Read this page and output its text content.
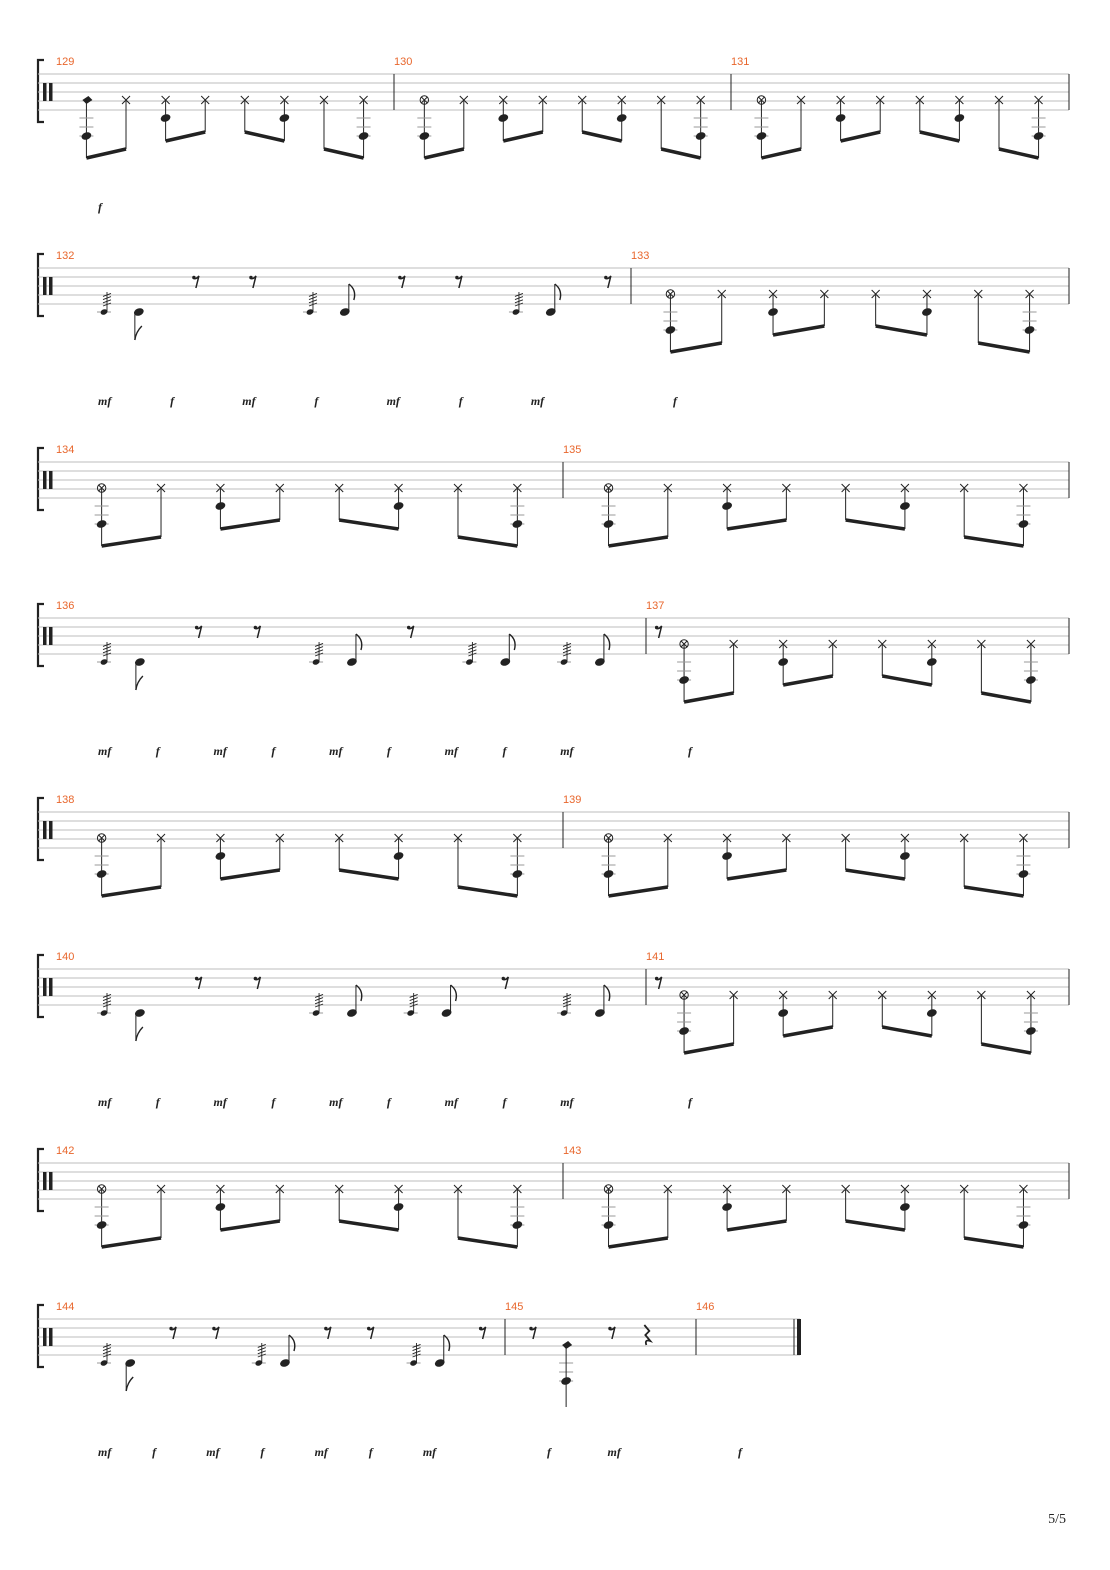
129
f
130	131
132
mf	f	mf	f	mf	f	mf
133
f
134	135
136
mf	f	mf	f	mf	f	mf	f	mf
137
f
138	139
140
mf	f	mf	f	mf	f	mf	f	mf
141
f
142	143
144
mf	f	mf	f	mf	f	mf
145
f	mf
146
f
5/5
